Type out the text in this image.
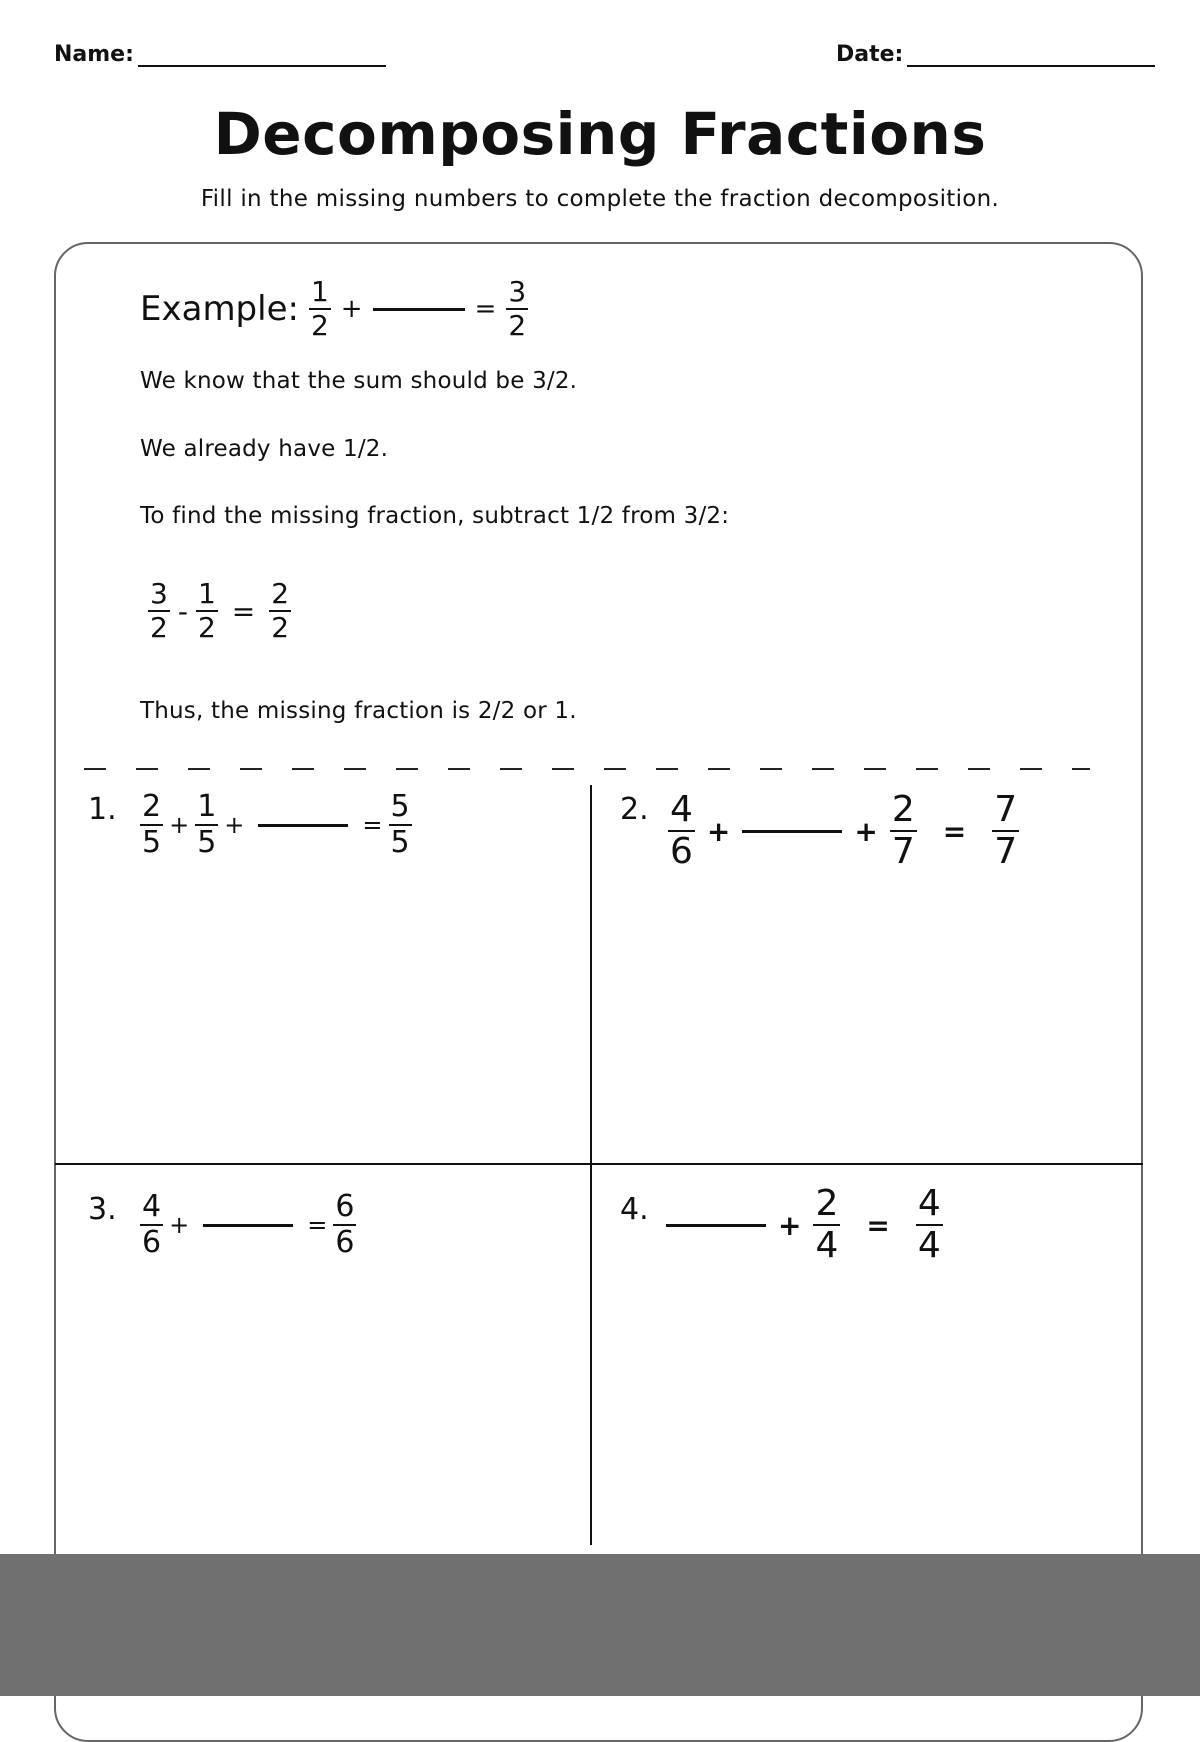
Name:	Date:
Decomposing Fractions
Fill in the missing numbers to complete the fraction decomposition.
Example: $\frac{1}{2}$ +	= $\frac{3}{2}$
We know that the sum should be 3/2.
We already have 1/2.
To find the missing fraction, subtract 1/2 from 3/2:
$\frac{3}{2} - \frac{1}{2} = \frac{2}{2}$
Thus, the missing fraction is 2/2 or 1.
1. $\frac{2}{5} + \frac{1}{5}$ +	= $\frac{5}{5}$	2. $\frac{4}{6}$ +	+ $\frac{2}{7} = \frac{7}{7}$
3. $\frac{4}{6}$ +	= $\frac{6}{6}$	4.	+ $\frac{2}{4} = \frac{4}{4}$
